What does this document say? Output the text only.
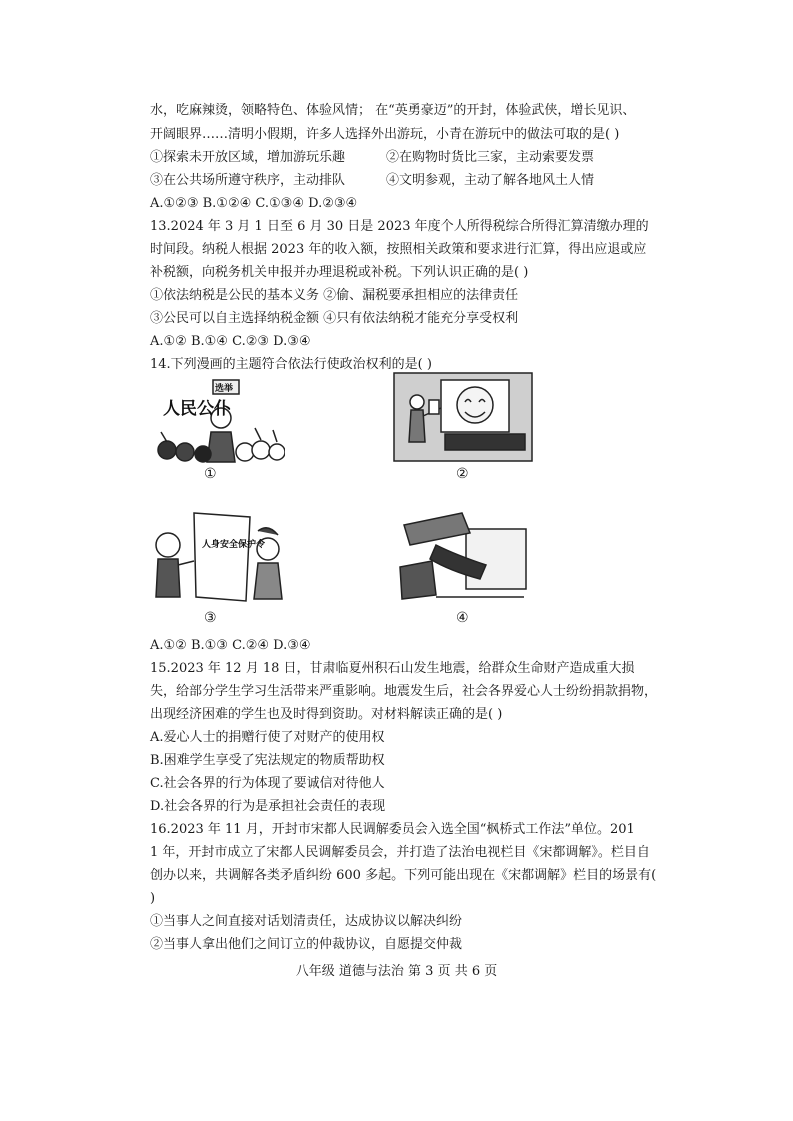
水，吃麻辣烫，领略特色、体验风情； 在“英勇豪迈”的开封，体验武侠，增长见识、
开阔眼界……清明小假期，许多人选择外出游玩，小青在游玩中的做法可取的是( )
①探索未开放区域，增加游玩乐趣	②在购物时货比三家，主动索要发票
③在公共场所遵守秩序，主动排队	④文明参观，主动了解各地风土人情
A.①②③ B.①②④ C.①③④ D.②③④
13.2024 年 3 月 1 日至 6 月 30 日是 2023 年度个人所得税综合所得汇算清缴办理的
时间段。纳税人根据 2023 年的收入额，按照相关政策和要求进行汇算，得出应退或应
补税额，向税务机关申报并办理退税或补税。下列认识正确的是( )
①依法纳税是公民的基本义务 ②偷、漏税要承担相应的法律责任
③公民可以自主选择纳税金额 ④只有依法纳税才能充分享受权利
A.①② B.①④ C.②③ D.③④
14.下列漫画的主题符合依法行使政治权利的是( )
人民公仆
选举
①	②
人身安全保护令
③	④
A.①② B.①③ C.②④ D.③④
15.2023 年 12 月 18 日，甘肃临夏州积石山发生地震，给群众生命财产造成重大损
失，给部分学生学习生活带来严重影响。地震发生后，社会各界爱心人士纷纷捐款捐物，
出现经济困难的学生也及时得到资助。对材料解读正确的是( )
A.爱心人士的捐赠行使了对财产的使用权
B.困难学生享受了宪法规定的物质帮助权
C.社会各界的行为体现了要诚信对待他人
D.社会各界的行为是承担社会责任的表现
16.2023 年 11 月，开封市宋都人民调解委员会入选全国“枫桥式工作法”单位。201
1 年，开封市成立了宋都人民调解委员会，并打造了法治电视栏目《宋都调解》。栏目自
创办以来，共调解各类矛盾纠纷 600 多起。下列可能出现在《宋都调解》栏目的场景有(
)
①当事人之间直接对话划清责任，达成协议以解决纠纷
②当事人拿出他们之间订立的仲裁协议，自愿提交仲裁
八年级 道德与法治 第 3 页 共 6 页
